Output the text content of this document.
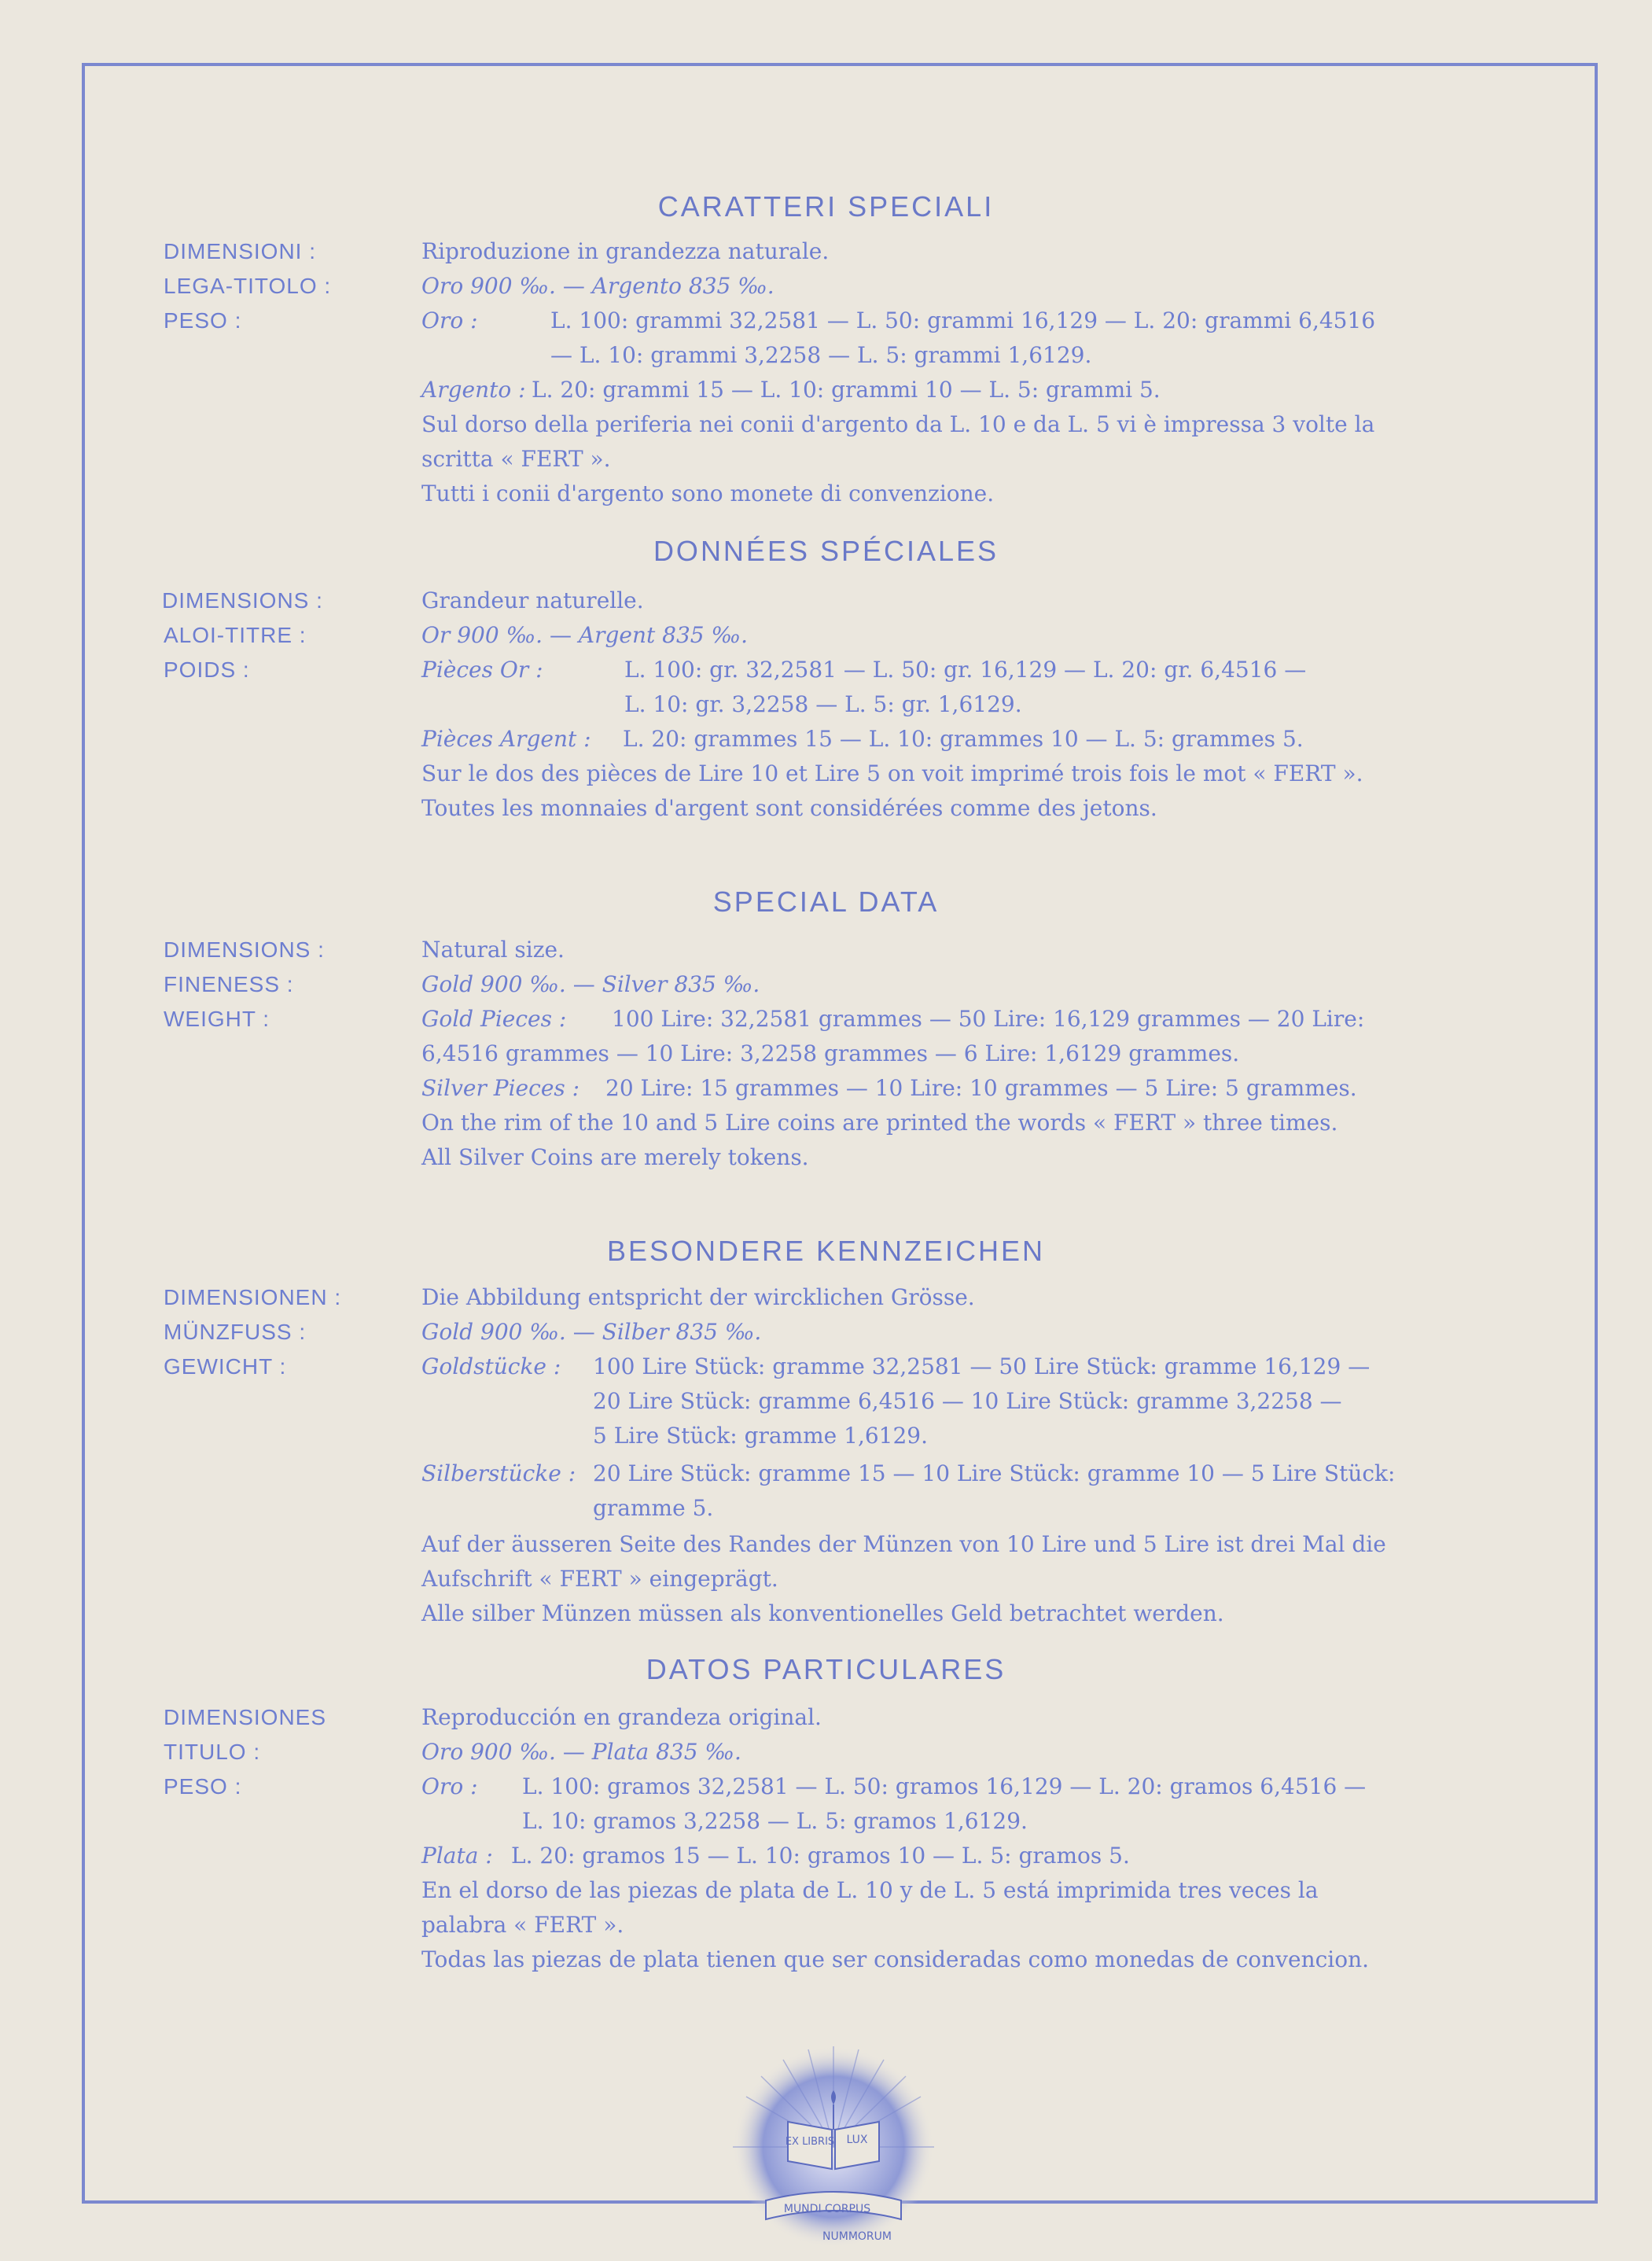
CARATTERI SPECIALI
DIMENSIONI :
LEGA-TITOLO :
PESO :
Riproduzione in grandezza naturale.
Oro 900 ‰. — Argento 835 ‰.
Oro :	L. 100: grammi 32,2581 — L. 50: grammi 16,129 — L. 20: grammi 6,4516
— L. 10: grammi 3,2258 — L. 5: grammi 1,6129.
Argento : L. 20: grammi 15 — L. 10: grammi 10 — L. 5: grammi 5.
Sul dorso della periferia nei conii d'argento da L. 10 e da L. 5 vi è impressa 3 volte la
scritta « FERT ».
Tutti i conii d'argento sono monete di convenzione.
DONNÉES SPÉCIALES
DIMENSIONS :
ALOI-TITRE :
POIDS :
Grandeur naturelle.
Or 900 ‰. — Argent 835 ‰.
Pièces Or :	L. 100: gr. 32,2581 — L. 50: gr. 16,129 — L. 20: gr. 6,4516 —
L. 10: gr. 3,2258 — L. 5: gr. 1,6129.
Pièces Argent : L. 20: grammes 15 — L. 10: grammes 10 — L. 5: grammes 5.
Sur le dos des pièces de Lire 10 et Lire 5 on voit imprimé trois fois le mot « FERT ».
Toutes les monnaies d'argent sont considérées comme des jetons.
SPECIAL DATA
DIMENSIONS :
FINENESS :
WEIGHT :
Natural size.
Gold 900 ‰. — Silver 835 ‰.
Gold Pieces : 100 Lire: 32,2581 grammes — 50 Lire: 16,129 grammes — 20 Lire:
6,4516 grammes — 10 Lire: 3,2258 grammes — 6 Lire: 1,6129 grammes.
Silver Pieces : 20 Lire: 15 grammes — 10 Lire: 10 grammes — 5 Lire: 5 grammes.
On the rim of the 10 and 5 Lire coins are printed the words « FERT » three times.
All Silver Coins are merely tokens.
BESONDERE KENNZEICHEN
DIMENSIONEN :
MÜNZFUSS :
GEWICHT :
Die Abbildung entspricht der wircklichen Grösse.
Gold 900 ‰. — Silber 835 ‰.
Goldstücke : 100 Lire Stück: gramme 32,2581 — 50 Lire Stück: gramme 16,129 —
20 Lire Stück: gramme 6,4516 — 10 Lire Stück: gramme 3,2258 —
5 Lire Stück: gramme 1,6129.
Silberstücke : 20 Lire Stück: gramme 15 — 10 Lire Stück: gramme 10 — 5 Lire Stück:
gramme 5.
Auf der äusseren Seite des Randes der Münzen von 10 Lire und 5 Lire ist drei Mal die
Aufschrift « FERT » eingeprägt.
Alle silber Münzen müssen als konventionelles Geld betrachtet werden.
DATOS PARTICULARES
DIMENSIONES
TITULO :
PESO :
Reproducción en grandeza original.
Oro 900 ‰. — Plata 835 ‰.
Oro : L. 100: gramos 32,2581 — L. 50: gramos 16,129 — L. 20: gramos 6,4516 —
L. 10: gramos 3,2258 — L. 5: gramos 1,6129.
Plata : L. 20: gramos 15 — L. 10: gramos 10 — L. 5: gramos 5.
En el dorso de las piezas de plata de L. 10 y de L. 5 está imprimida tres veces la
palabra « FERT ».
Todas las piezas de plata tienen que ser consideradas como monedas de convencion.
EX LIBRIS LUX
MUNDI CORPUS
NUMMORUM
